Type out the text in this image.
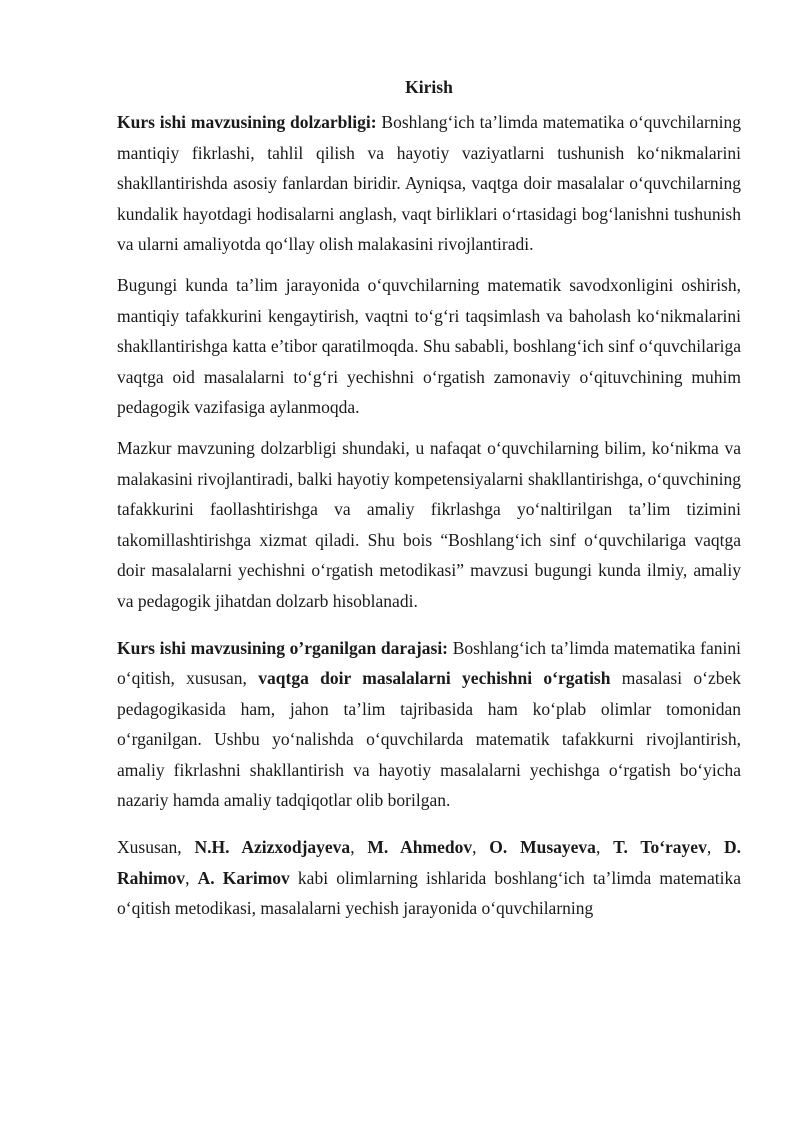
Kirish

Kurs ishi mavzusining dolzarbligi: Boshlang‘ich ta’limda matematika o‘quvchilarning mantiqiy fikrlashi, tahlil qilish va hayotiy vaziyatlarni tushunish ko‘nikmalarini shakllantirishda asosiy fanlardan biridir. Ayniqsa, vaqtga doir masalalar o‘quvchilarning kundalik hayotdagi hodisalarni anglash, vaqt birliklari o‘rtasidagi bog‘lanishni tushunish va ularni amaliyotda qo‘llay olish malakasini rivojlantiradi.

Bugungi kunda ta’lim jarayonida o‘quvchilarning matematik savodxonligini oshirish, mantiqiy tafakkurini kengaytirish, vaqtni to‘g‘ri taqsimlash va baholash ko‘nikmalarini shakllantirishga katta e’tibor qaratilmoqda. Shu sababli, boshlang‘ich sinf o‘quvchilariga vaqtga oid masalalarni to‘g‘ri yechishni o‘rgatish zamonaviy o‘qituvchining muhim pedagogik vazifasiga aylanmoqda.

Mazkur mavzuning dolzarbligi shundaki, u nafaqat o‘quvchilarning bilim, ko‘nikma va malakasini rivojlantiradi, balki hayotiy kompetensiyalarni shakllantirishga, o‘quvchining tafakkurini faollashtirishga va amaliy fikrlashga yo‘naltirilgan ta’lim tizimini takomillashtirishga xizmat qiladi. Shu bois “Boshlang‘ich sinf o‘quvchilariga vaqtga doir masalalarni yechishni o‘rgatish metodikasi” mavzusi bugungi kunda ilmiy, amaliy va pedagogik jihatdan dolzarb hisoblanadi.

Kurs ishi mavzusining o’rganilgan darajasi: Boshlang‘ich ta’limda matematika fanini o‘qitish, xususan, vaqtga doir masalalarni yechishni o‘rgatish masalasi o‘zbek pedagogikasida ham, jahon ta’lim tajribasida ham ko‘plab olimlar tomonidan o‘rganilgan. Ushbu yo‘nalishda o‘quvchilarda matematik tafakkurni rivojlantirish, amaliy fikrlashni shakllantirish va hayotiy masalalarni yechishga o‘rgatish bo‘yicha nazariy hamda amaliy tadqiqotlar olib borilgan.

Xususan, N.H. Azizxodjayeva, M. Ahmedov, O. Musayeva, T. To‘rayev, D. Rahimov, A. Karimov kabi olimlarning ishlarida boshlang‘ich ta’limda matematika o‘qitish metodikasi, masalalarni yechish jarayonida o‘quvchilarning
